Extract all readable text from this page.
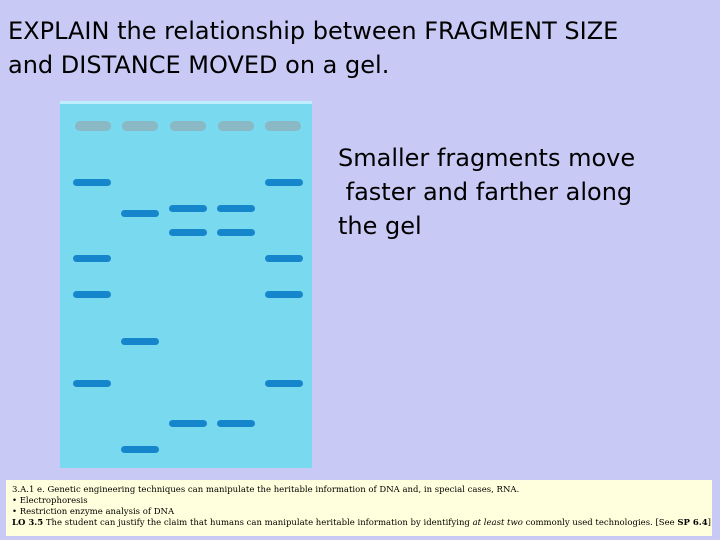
EXPLAIN the relationship between FRAGMENT SIZE
and DISTANCE MOVED on a gel.
Smaller fragments move
faster and farther along
the gel
3.A.1 e. Genetic engineering techniques can manipulate the heritable information of DNA and, in special cases, RNA.
• Electrophoresis
• Restriction enzyme analysis of DNA
LO 3.5 The student can justify the claim that humans can manipulate heritable information by identifying at least two commonly used technologies. [See SP 6.4]
